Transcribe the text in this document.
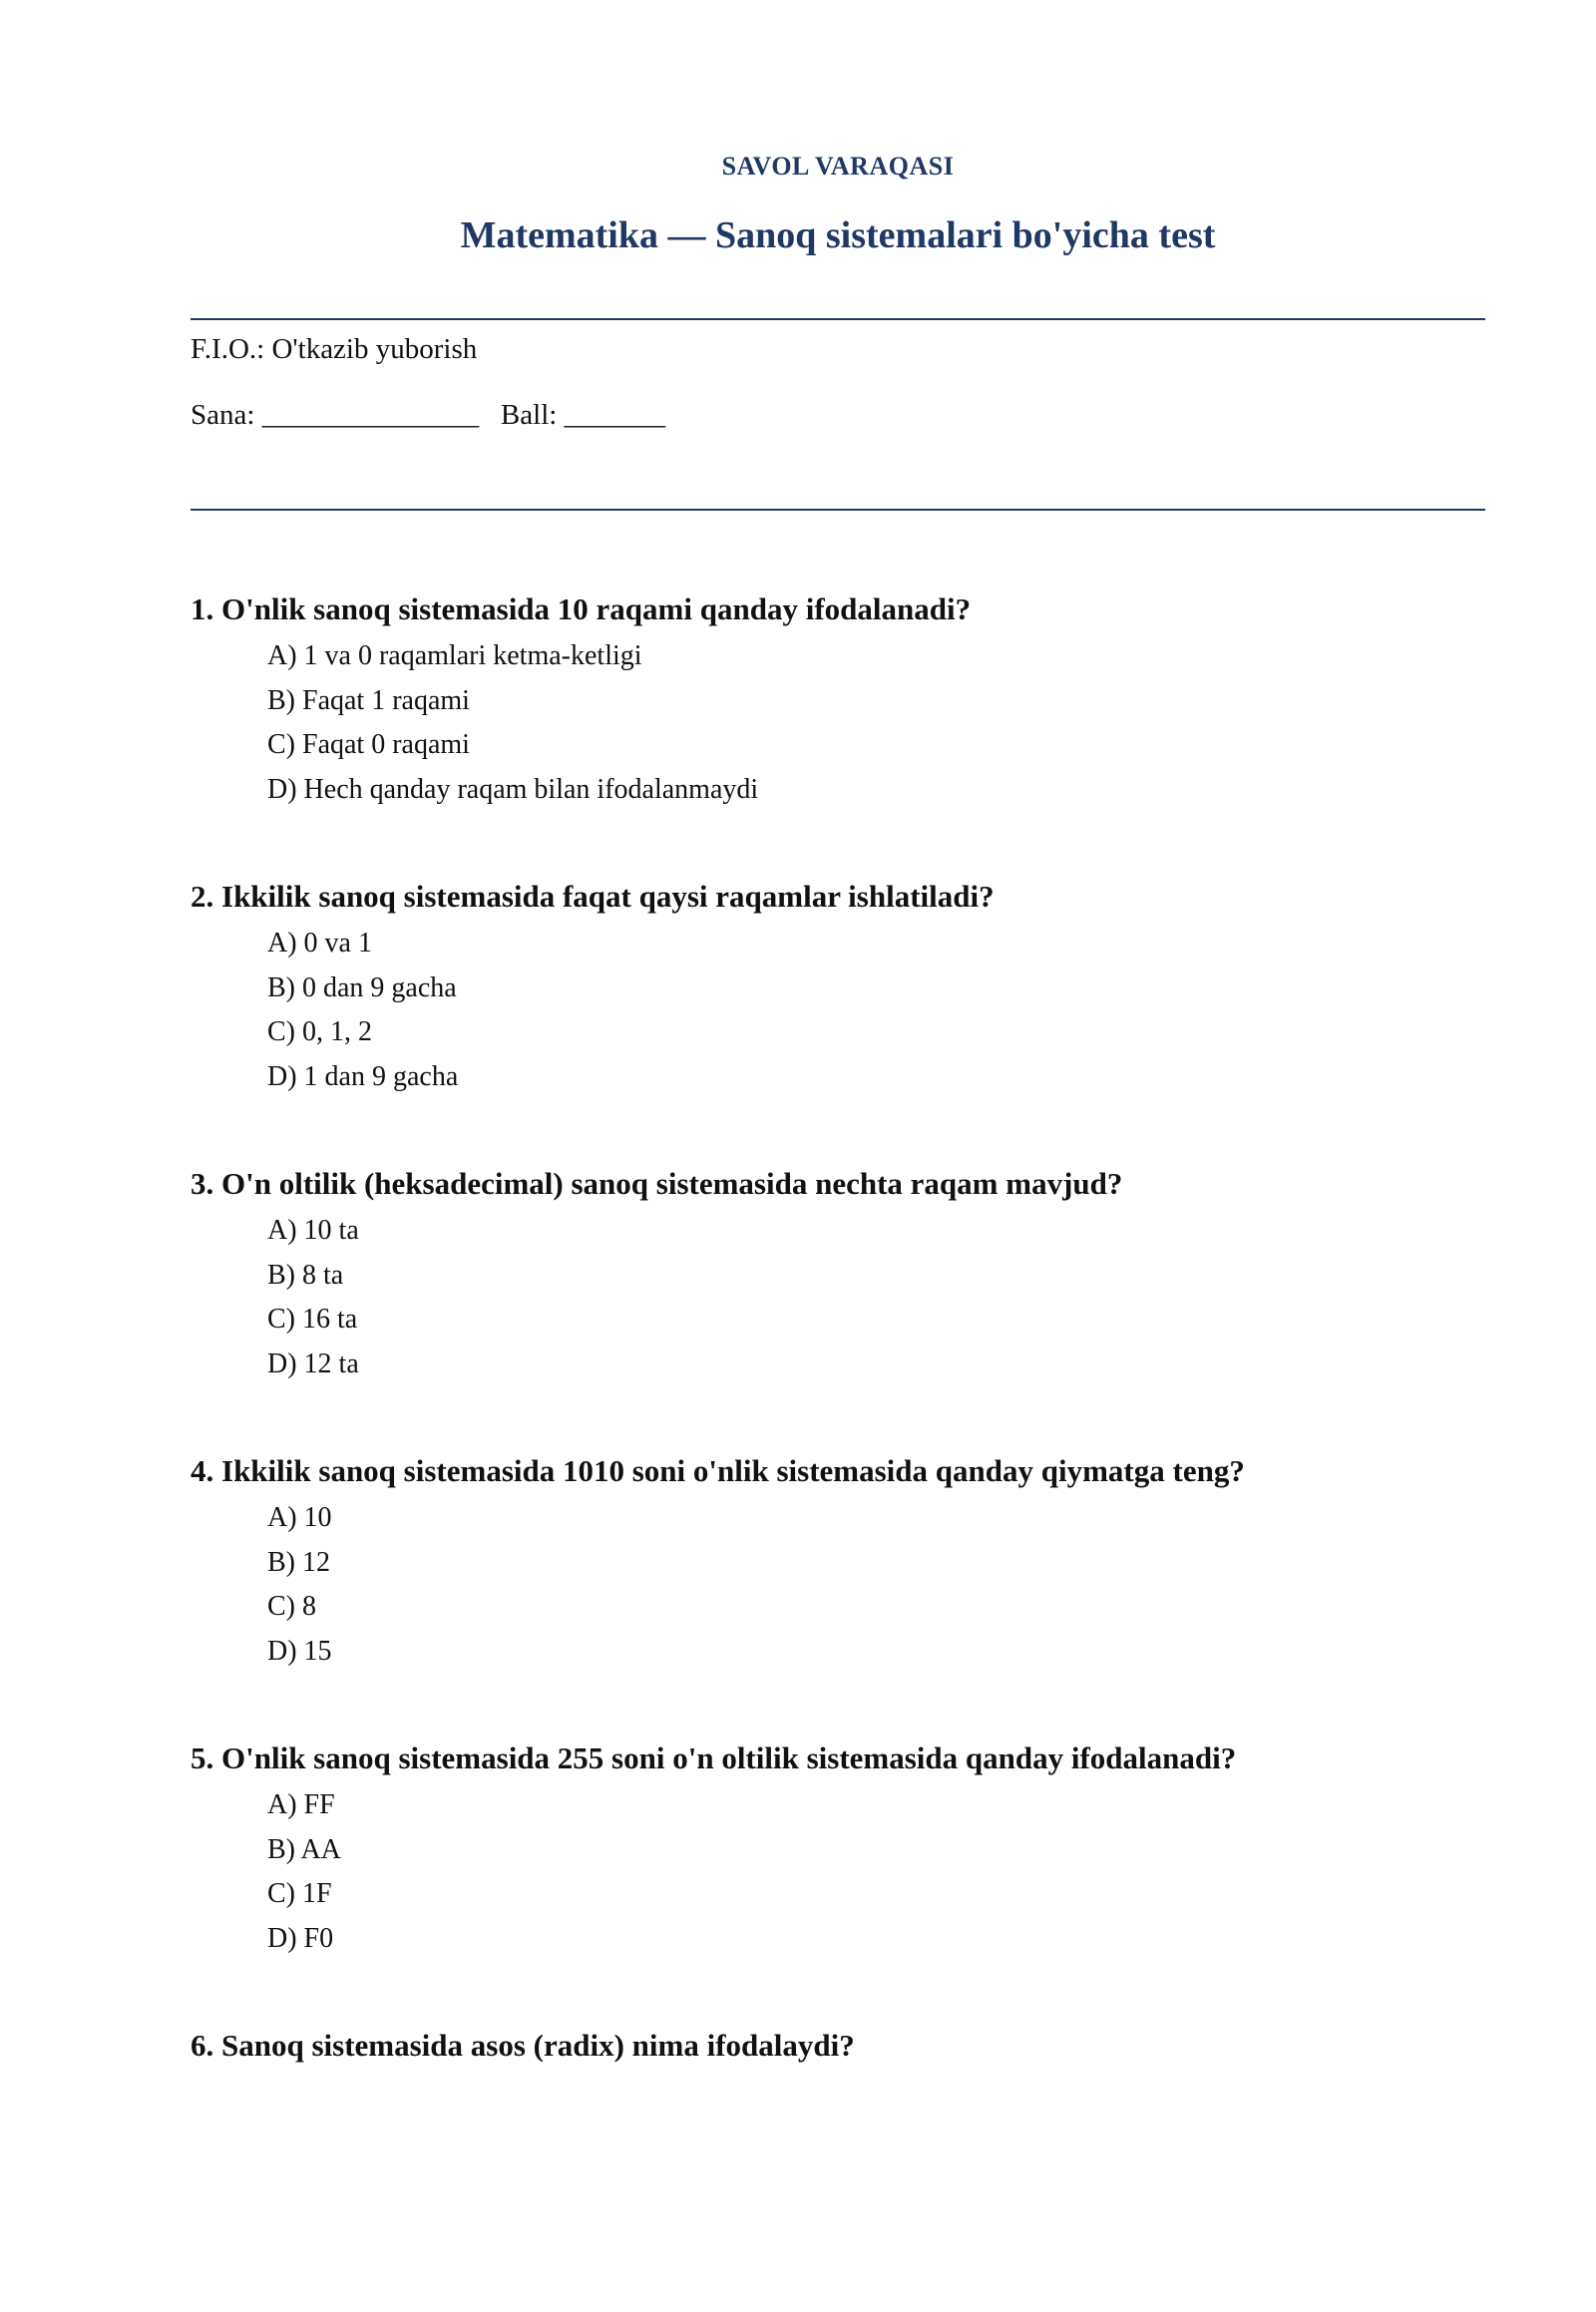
SAVOL VARAQASI
Matematika — Sanoq sistemalari bo'yicha test
F.I.O.: O'tkazib yuborish
Sana: _______________   Ball: _______

1. O'nlik sanoq sistemasida 10 raqami qanday ifodalanadi?

A) 1 va 0 raqamlari ketma-ketligi
B) Faqat 1 raqami
C) Faqat 0 raqami
D) Hech qanday raqam bilan ifodalanmaydi

2. Ikkilik sanoq sistemasida faqat qaysi raqamlar ishlatiladi?

A) 0 va 1
B) 0 dan 9 gacha
C) 0, 1, 2
D) 1 dan 9 gacha

3. O'n oltilik (heksadecimal) sanoq sistemasida nechta raqam mavjud?

A) 10 ta
B) 8 ta
C) 16 ta
D) 12 ta

4. Ikkilik sanoq sistemasida 1010 soni o'nlik sistemasida qanday qiymatga teng?

A) 10
B) 12
C) 8
D) 15

5. O'nlik sanoq sistemasida 255 soni o'n oltilik sistemasida qanday ifodalanadi?

A) FF
B) AA
C) 1F
D) F0

6. Sanoq sistemasida asos (radix) nima ifodalaydi?
